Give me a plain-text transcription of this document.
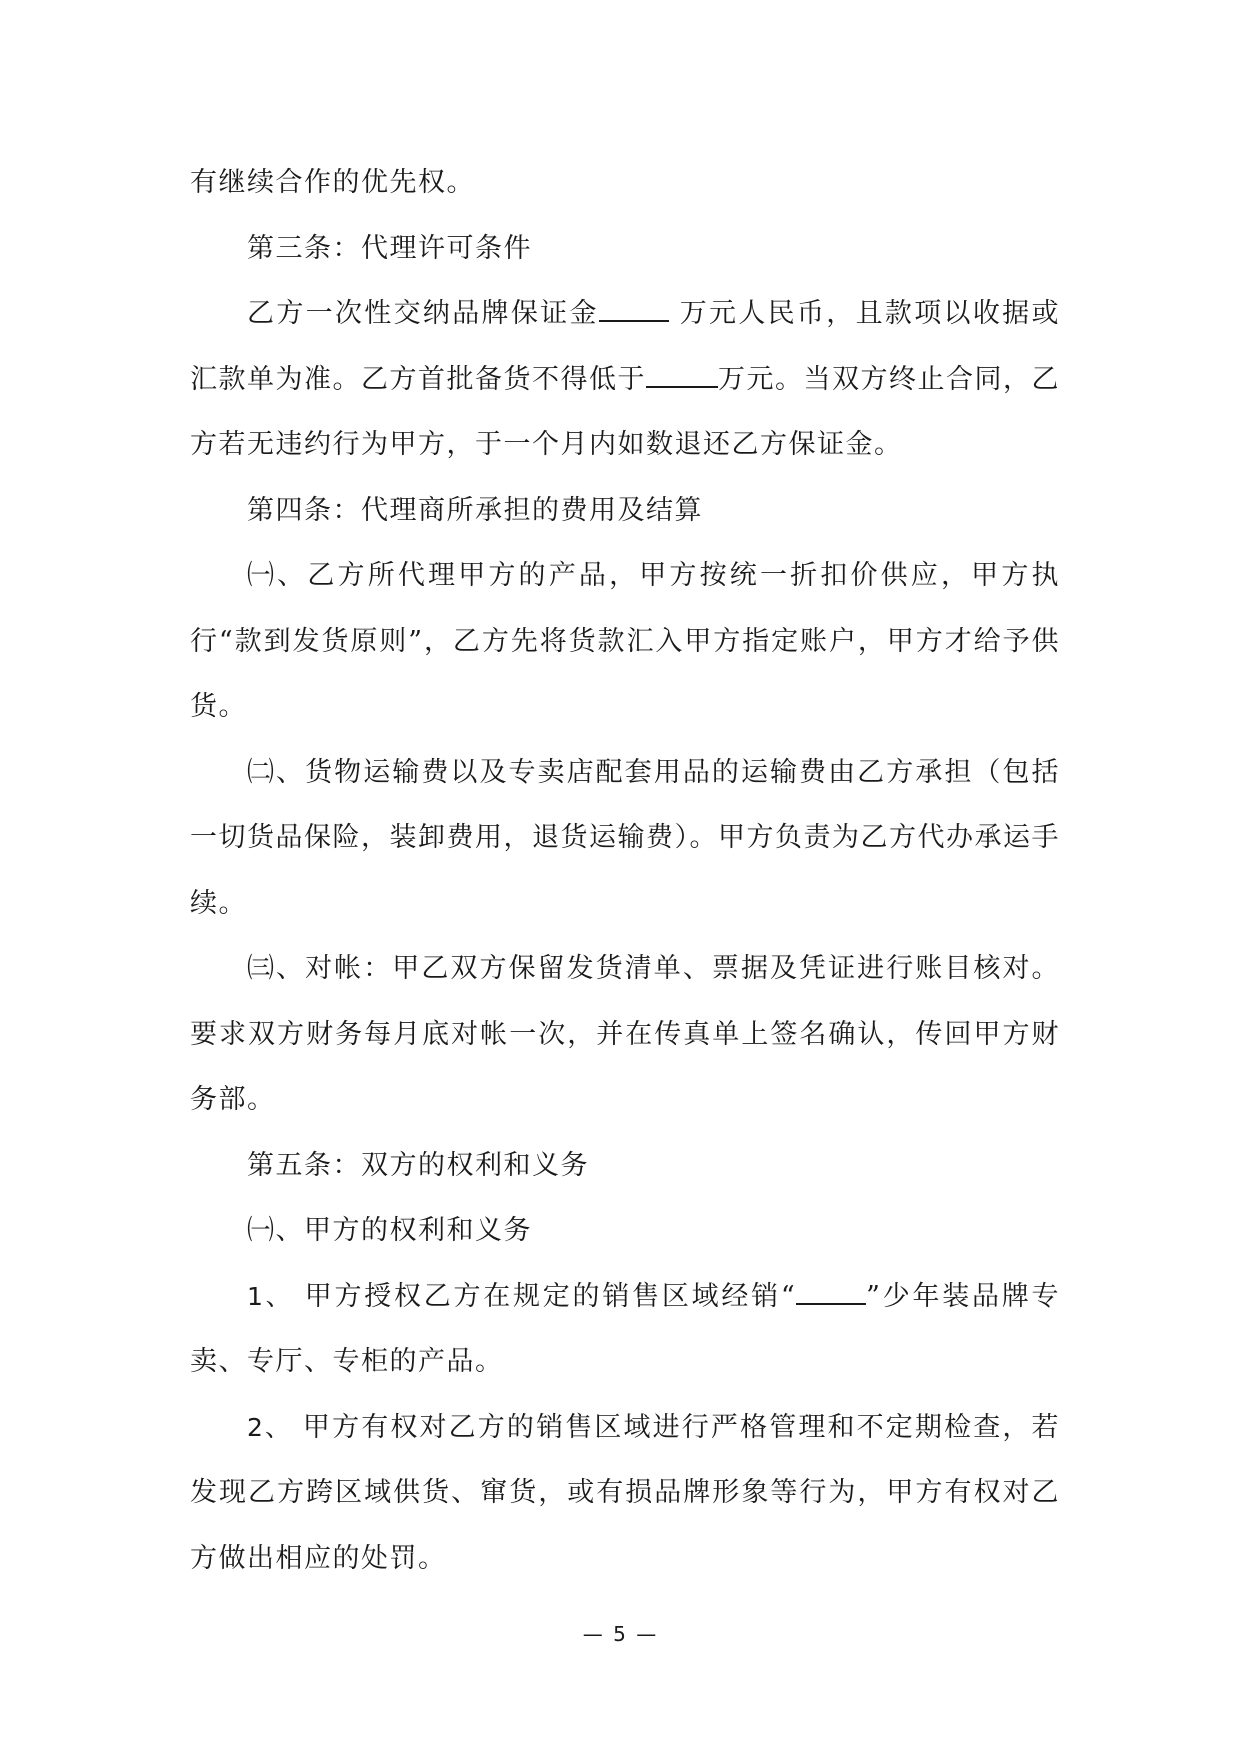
有继续合作的优先权。

第三条：代理许可条件

乙方一次性交纳品牌保证金	万元人民币，且款项以收据或汇款单为准。乙方首批备货不得低于	万元。当双方终止合同，乙方若无违约行为甲方，于一个月内如数退还乙方保证金。

第四条：代理商所承担的费用及结算

㈠、乙方所代理甲方的产品，甲方按统一折扣价供应，甲方执行“款到发货原则”，乙方先将货款汇入甲方指定账户，甲方才给予供货。

㈡、货物运输费以及专卖店配套用品的运输费由乙方承担（包括一切货品保险，装卸费用，退货运输费）。甲方负责为乙方代办承运手续。

㈢、对帐：甲乙双方保留发货清单、票据及凭证进行账目核对。要求双方财务每月底对帐一次，并在传真单上签名确认，传回甲方财务部。

第五条：双方的权利和义务

㈠、甲方的权利和义务

1、 甲方授权乙方在规定的销售区域经销“	”少年装品牌专卖、专厅、专柜的产品。

2、 甲方有权对乙方的销售区域进行严格管理和不定期检查，若发现乙方跨区域供货、窜货，或有损品牌形象等行为，甲方有权对乙方做出相应的处罚。

— 5 —
